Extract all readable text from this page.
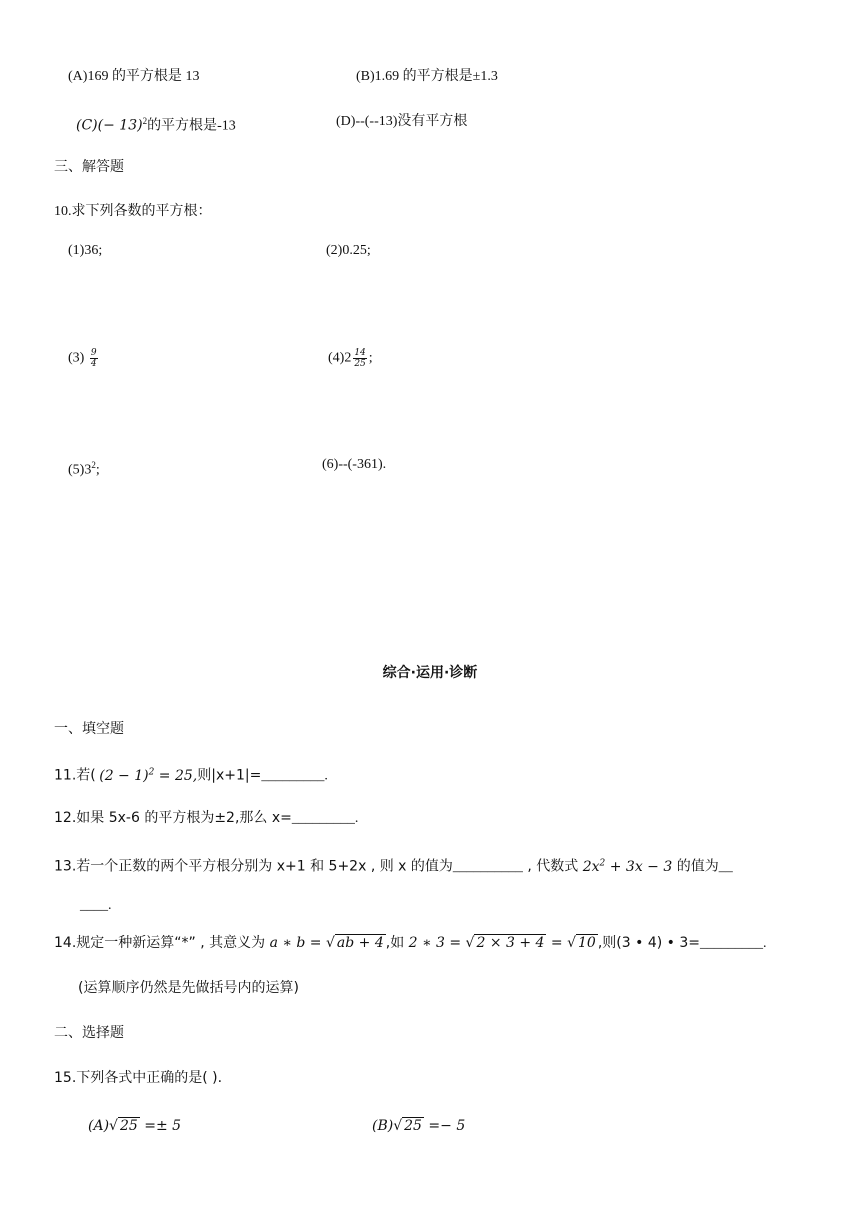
(A)169 的平方根是 13	(B)1.69 的平方根是±1.3
$(C)(- 13)^2$的平方根是-13	(D)--(--13)没有平方根
三、解答题
10.求下列各数的平方根：
(1)36;	(2)0.25;
$(3) \frac{9}{4}$	$(4)2 \frac{14}{25}$ ;
$(5)3^2$;	(6)--(-361).
综合·运用·诊断
一、填空题
11.若( $(2 - 1)^2 = 25$,则|x+1|=_________.
12.如果 5x-6 的平方根为±2,那么 x=_________.
13.若一个正数的两个平方根分别为 x+1 和 5+2x , 则 x 的值为__________ , 代数式 $2x^2 + 3x - 3$ 的值为__
____.
14.规定一种新运算“*” , 其意义为 a ∗ b = √ ab + 4 ,如 2 ∗ 3 = √ 2 × 3 + 4 = √ 10 ,则(3 • 4) • 3=_________.
(运算顺序仍然是先做括号内的运算)
二、选择题
15.下列各式中正确的是( ).
(A)√ 25 =± 5	(B)√ 25 =− 5
